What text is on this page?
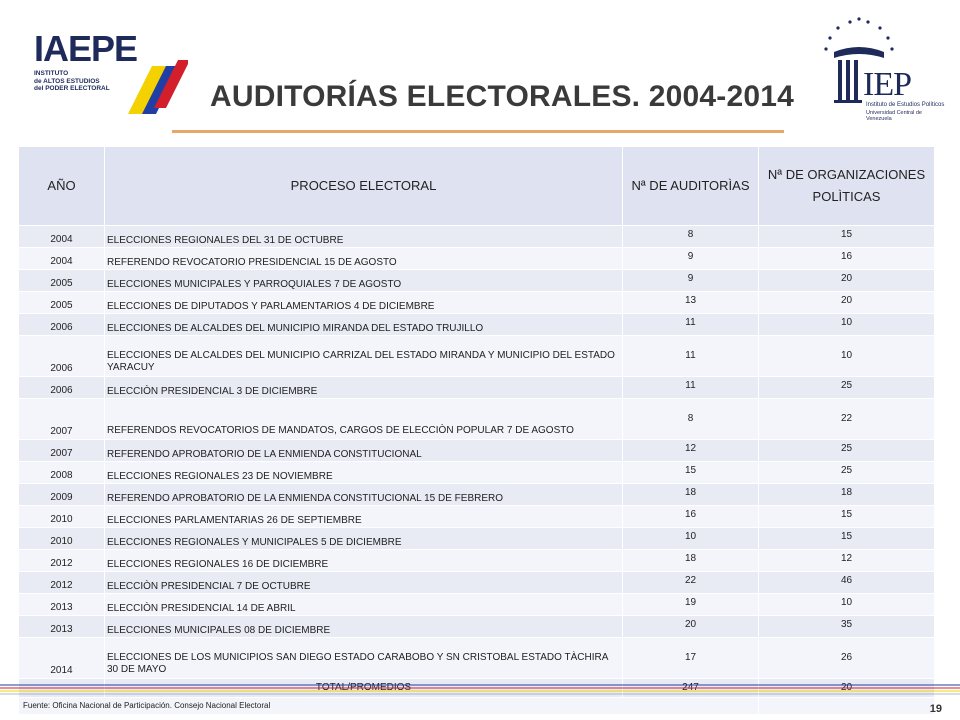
IAEPE
INSTITUTO
de ALTOS ESTUDIOS
del PODER ELECTORAL	IEP
Instituto de Estudios Políticos
Universidad Central de Venezuela
AUDITORÍAS ELECTORALES. 2004-2014
AÑO	PROCESO ELECTORAL	Nª DE AUDITORÌAS	Nª DE ORGANIZACIONES POLÌTICAS
2004	ELECCIONES REGIONALES DEL 31 DE OCTUBRE	8	15
2004	REFERENDO REVOCATORIO PRESIDENCIAL 15 DE AGOSTO	9	16
2005	ELECCIONES MUNICIPALES Y PARROQUIALES 7 DE AGOSTO	9	20
2005	ELECCIONES DE DIPUTADOS Y PARLAMENTARIOS 4 DE DICIEMBRE	13	20
2006	ELECCIONES DE ALCALDES DEL MUNICIPIO MIRANDA DEL ESTADO TRUJILLO	11	10
2006	ELECCIONES DE ALCALDES DEL MUNICIPIO CARRIZAL DEL ESTADO MIRANDA Y MUNICIPIO DEL ESTADO YARACUY	11	10
2006	ELECCIÒN PRESIDENCIAL 3 DE DICIEMBRE	11	25
2007	REFERENDOS REVOCATORIOS DE MANDATOS, CARGOS DE ELECCIÒN POPULAR 7 DE AGOSTO	8	22
2007	REFERENDO APROBATORIO DE LA ENMIENDA CONSTITUCIONAL	12	25
2008	ELECCIONES REGIONALES 23 DE NOVIEMBRE	15	25
2009	REFERENDO APROBATORIO DE LA ENMIENDA CONSTITUCIONAL 15 DE FEBRERO	18	18
2010	ELECCIONES PARLAMENTARIAS 26 DE SEPTIEMBRE	16	15
2010	ELECCIONES REGIONALES Y MUNICIPALES 5 DE DICIEMBRE	10	15
2012	ELECCIONES REGIONALES 16 DE DICIEMBRE	18	12
2012	ELECCIÒN PRESIDENCIAL 7 DE OCTUBRE	22	46
2013	ELECCIÒN PRESIDENCIAL 14 DE ABRIL	19	10
2013	ELECCIONES MUNICIPALES 08 DE DICIEMBRE	20	35
2014	ELECCIONES DE LOS MUNICIPIOS SAN DIEGO ESTADO CARABOBO Y SN CRISTOBAL ESTADO TÀCHIRA 30 DE MAYO	17	26
	TOTAL/PROMEDIOS	247	20
Fuente: Oficina Nacional de Participación. Consejo Nacional Electoral				19
